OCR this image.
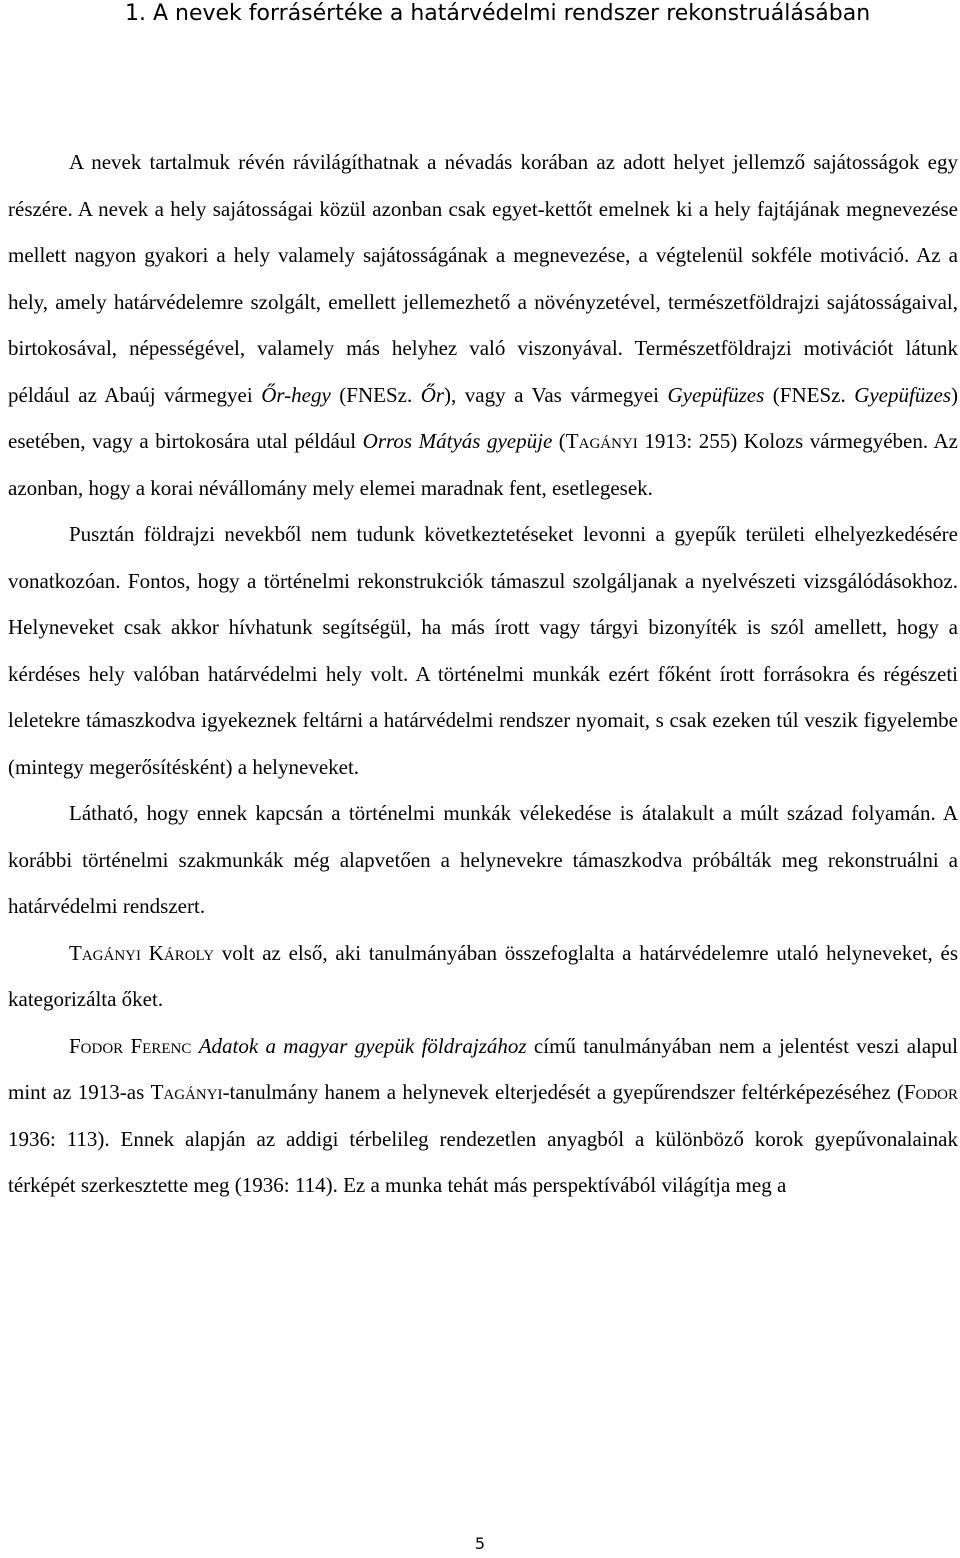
1. A nevek forrásértéke a határvédelmi rendszer rekonstruálásában

A nevek tartalmuk révén rávilágíthatnak a névadás korában az adott helyet jellemző sajátosságok egy részére. A nevek a hely sajátosságai közül azonban csak egyet-kettőt emelnek ki a hely fajtájának megnevezése mellett nagyon gyakori a hely valamely sajátosságának a megnevezése, a végtelenül sokféle motiváció. Az a hely, amely határvédelemre szolgált, emellett jellemezhető a növényzetével, természetföldrajzi sajátosságaival, birtokosával, népességével, valamely más helyhez való viszonyával. Természetföldrajzi motivációt látunk például az Abaúj vármegyei Őr-hegy (FNESz. Őr), vagy a Vas vármegyei Gyepüfüzes (FNESz. Gyepüfüzes) esetében, vagy a birtokosára utal például Orros Mátyás gyepüje (Tagányi 1913: 255) Kolozs vármegyében. Az azonban, hogy a korai névállomány mely elemei maradnak fent, esetlegesek.

Pusztán földrajzi nevekből nem tudunk következtetéseket levonni a gyepűk területi elhelyezkedésére vonatkozóan. Fontos, hogy a történelmi rekonstrukciók támaszul szolgáljanak a nyelvészeti vizsgálódásokhoz. Helyneveket csak akkor hívhatunk segítségül, ha más írott vagy tárgyi bizonyíték is szól amellett, hogy a kérdéses hely valóban határvédelmi hely volt. A történelmi munkák ezért főként írott forrásokra és régészeti leletekre támaszkodva igyekeznek feltárni a határvédelmi rendszer nyomait, s csak ezeken túl veszik figyelembe (mintegy megerősítésként) a helyneveket.

Látható, hogy ennek kapcsán a történelmi munkák vélekedése is átalakult a múlt század folyamán. A korábbi történelmi szakmunkák még alapvetően a helynevekre támaszkodva próbálták meg rekonstruálni a határvédelmi rendszert.

Tagányi Károly volt az első, aki tanulmányában összefoglalta a határvédelemre utaló helyneveket, és kategorizálta őket.

Fodor Ferenc Adatok a magyar gyepük földrajzához című tanulmányában nem a jelentést veszi alapul mint az 1913-as Tagányi-tanulmány hanem a helynevek elterjedését a gyepűrendszer feltérképezéséhez (Fodor 1936: 113). Ennek alapján az addigi térbelileg rendezetlen anyagból a különböző korok gyepűvonalainak térképét szerkesztette meg (1936: 114). Ez a munka tehát más perspektívából világítja meg a

5
